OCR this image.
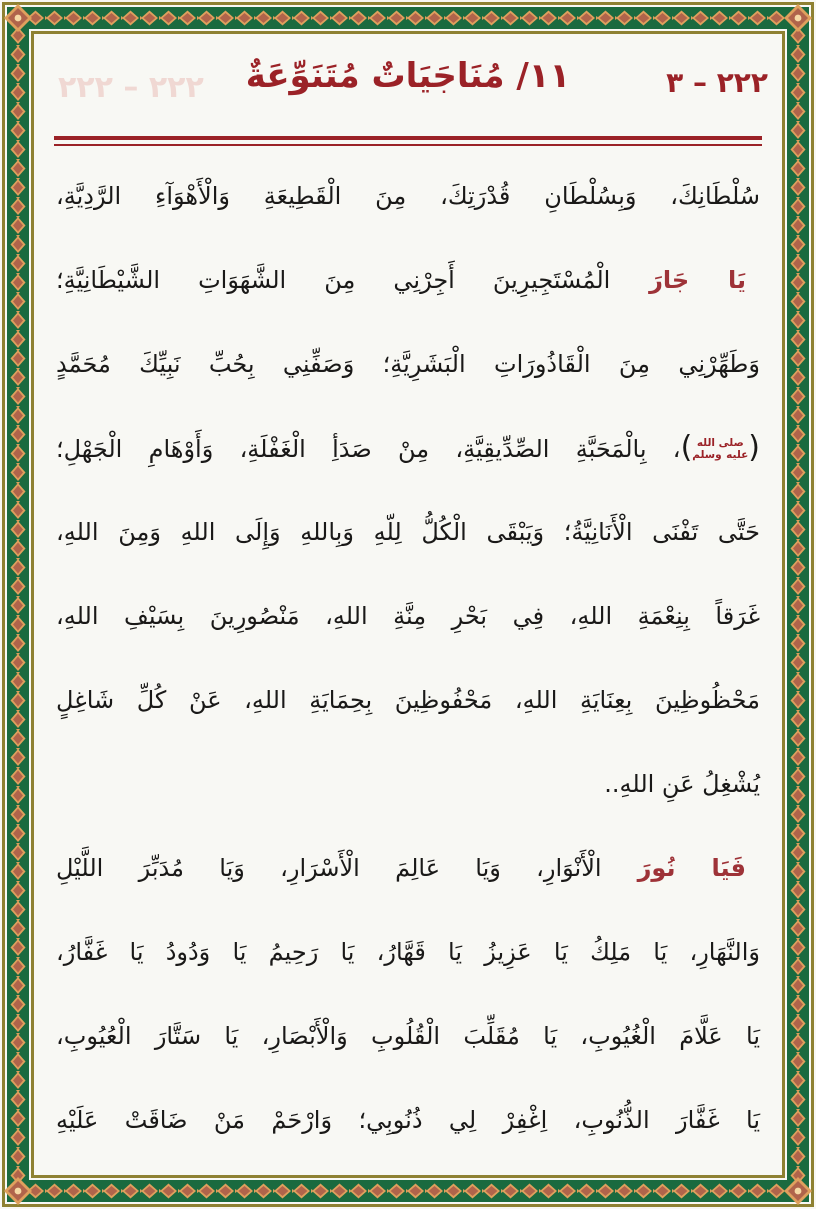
٢٢٢ – ٢٢٢ ١١/ مُنَاجَيَاتٌ مُتَنَوِّعَةٌ	٢٢٢ – ٣
سُلْطَانِكَ، وَبِسُلْطَانِ قُدْرَتِكَ، مِنَ الْقَطِيعَةِ وَالْأَهْوَآءِ الرَّدِيَّةِ،
يَا جَارَ الْمُسْتَجِيرِينَ أَجِرْنِي مِنَ الشَّهَوَاتِ الشَّيْطَانِيَّةِ؛
وَطَهِّرْنِي مِنَ الْقَاذُورَاتِ الْبَشَرِيَّةِ؛ وَصَفِّنِي بِحُبِّ نَبِيِّكَ مُحَمَّدٍ
(صلى الله عليه وسلم)، بِالْمَحَبَّةِ الصِّدِّيقِيَّةِ، مِنْ صَدَأِ الْغَفْلَةِ، وَأَوْهَامِ الْجَهْلِ؛
حَتَّى تَفْنَى الْأَنَانِيَّةُ؛ وَيَبْقَى الْكُلُّ لِلّهِ وَبِاللهِ وَإِلَى اللهِ وَمِنَ اللهِ،
غَرَقاً بِنِعْمَةِ اللهِ، فِي بَحْرِ مِنَّةِ اللهِ، مَنْصُورِينَ بِسَيْفِ اللهِ،
مَحْظُوظِينَ بِعِنَايَةِ اللهِ، مَحْفُوظِينَ بِحِمَايَةِ اللهِ، عَنْ كُلِّ شَاغِلٍ
يُشْغِلُ عَنِ اللهِ..
فَيَا نُورَ الْأَنْوَارِ، وَيَا عَالِمَ الْأَسْرَارِ، وَيَا مُدَبِّرَ اللَّيْلِ
وَالنَّهَارِ، يَا مَلِكُ يَا عَزِيزُ يَا قَهَّارُ، يَا رَحِيمُ يَا وَدُودُ يَا غَفَّارُ،
يَا عَلَّامَ الْغُيُوبِ، يَا مُقَلِّبَ الْقُلُوبِ وَالْأَبْصَارِ، يَا سَتَّارَ الْعُيُوبِ،
يَا غَفَّارَ الذُّنُوبِ، اِغْفِرْ لِي ذُنُوبِي؛ وَارْحَمْ مَنْ ضَاقَتْ عَلَيْهِ
